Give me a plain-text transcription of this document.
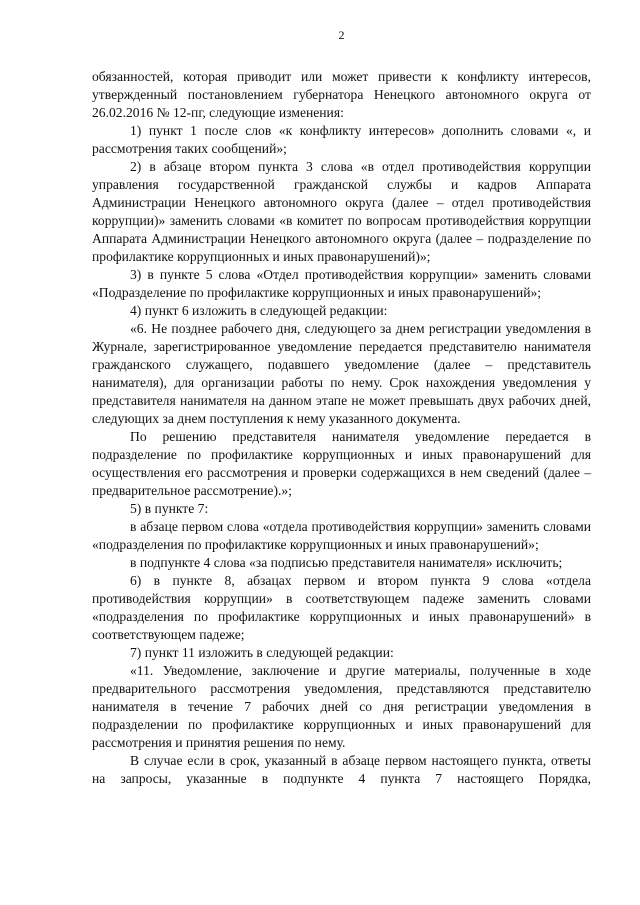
2

обязанностей, которая приводит или может привести к конфликту интересов, утвержденный постановлением губернатора Ненецкого автономного округа от 26.02.2016 № 12-пг, следующие изменения:

1) пункт 1 после слов «к конфликту интересов» дополнить словами «, и рассмотрения таких сообщений»;

2) в абзаце втором пункта 3 слова «в отдел противодействия коррупции управления государственной гражданской службы и кадров Аппарата Администрации Ненецкого автономного округа (далее – отдел противодействия коррупции)» заменить словами «в комитет по вопросам противодействия коррупции Аппарата Администрации Ненецкого автономного округа (далее – подразделение по профилактике коррупционных и иных правонарушений)»;

3) в пункте 5 слова «Отдел противодействия коррупции» заменить словами «Подразделение по профилактике коррупционных и иных правонарушений»;

4) пункт 6 изложить в следующей редакции:

«6. Не позднее рабочего дня, следующего за днем регистрации уведомления в Журнале, зарегистрированное уведомление передается представителю нанимателя гражданского служащего, подавшего уведомление (далее – представитель нанимателя), для организации работы по нему. Срок нахождения уведомления у представителя нанимателя на данном этапе не может превышать двух рабочих дней, следующих за днем поступления к нему указанного документа.

По решению представителя нанимателя уведомление передается в подразделение по профилактике коррупционных и иных правонарушений для осуществления его рассмотрения и проверки содержащихся в нем сведений (далее – предварительное рассмотрение).»;

5) в пункте 7:

в абзаце первом слова «отдела противодействия коррупции» заменить словами «подразделения по профилактике коррупционных и иных правонарушений»;

в подпункте 4 слова «за подписью представителя нанимателя» исключить;

6) в пункте 8, абзацах первом и втором пункта 9 слова «отдела противодействия коррупции» в соответствующем падеже заменить словами «подразделения по профилактике коррупционных и иных правонарушений» в соответствующем падеже;

7) пункт 11 изложить в следующей редакции:

«11. Уведомление, заключение и другие материалы, полученные в ходе предварительного рассмотрения уведомления, представляются представителю нанимателя в течение 7 рабочих дней со дня регистрации уведомления в подразделении по профилактике коррупционных и иных правонарушений для рассмотрения и принятия решения по нему.

В случае если в срок, указанный в абзаце первом настоящего пункта, ответы на запросы, указанные в подпункте 4 пункта 7 настоящего Порядка,
